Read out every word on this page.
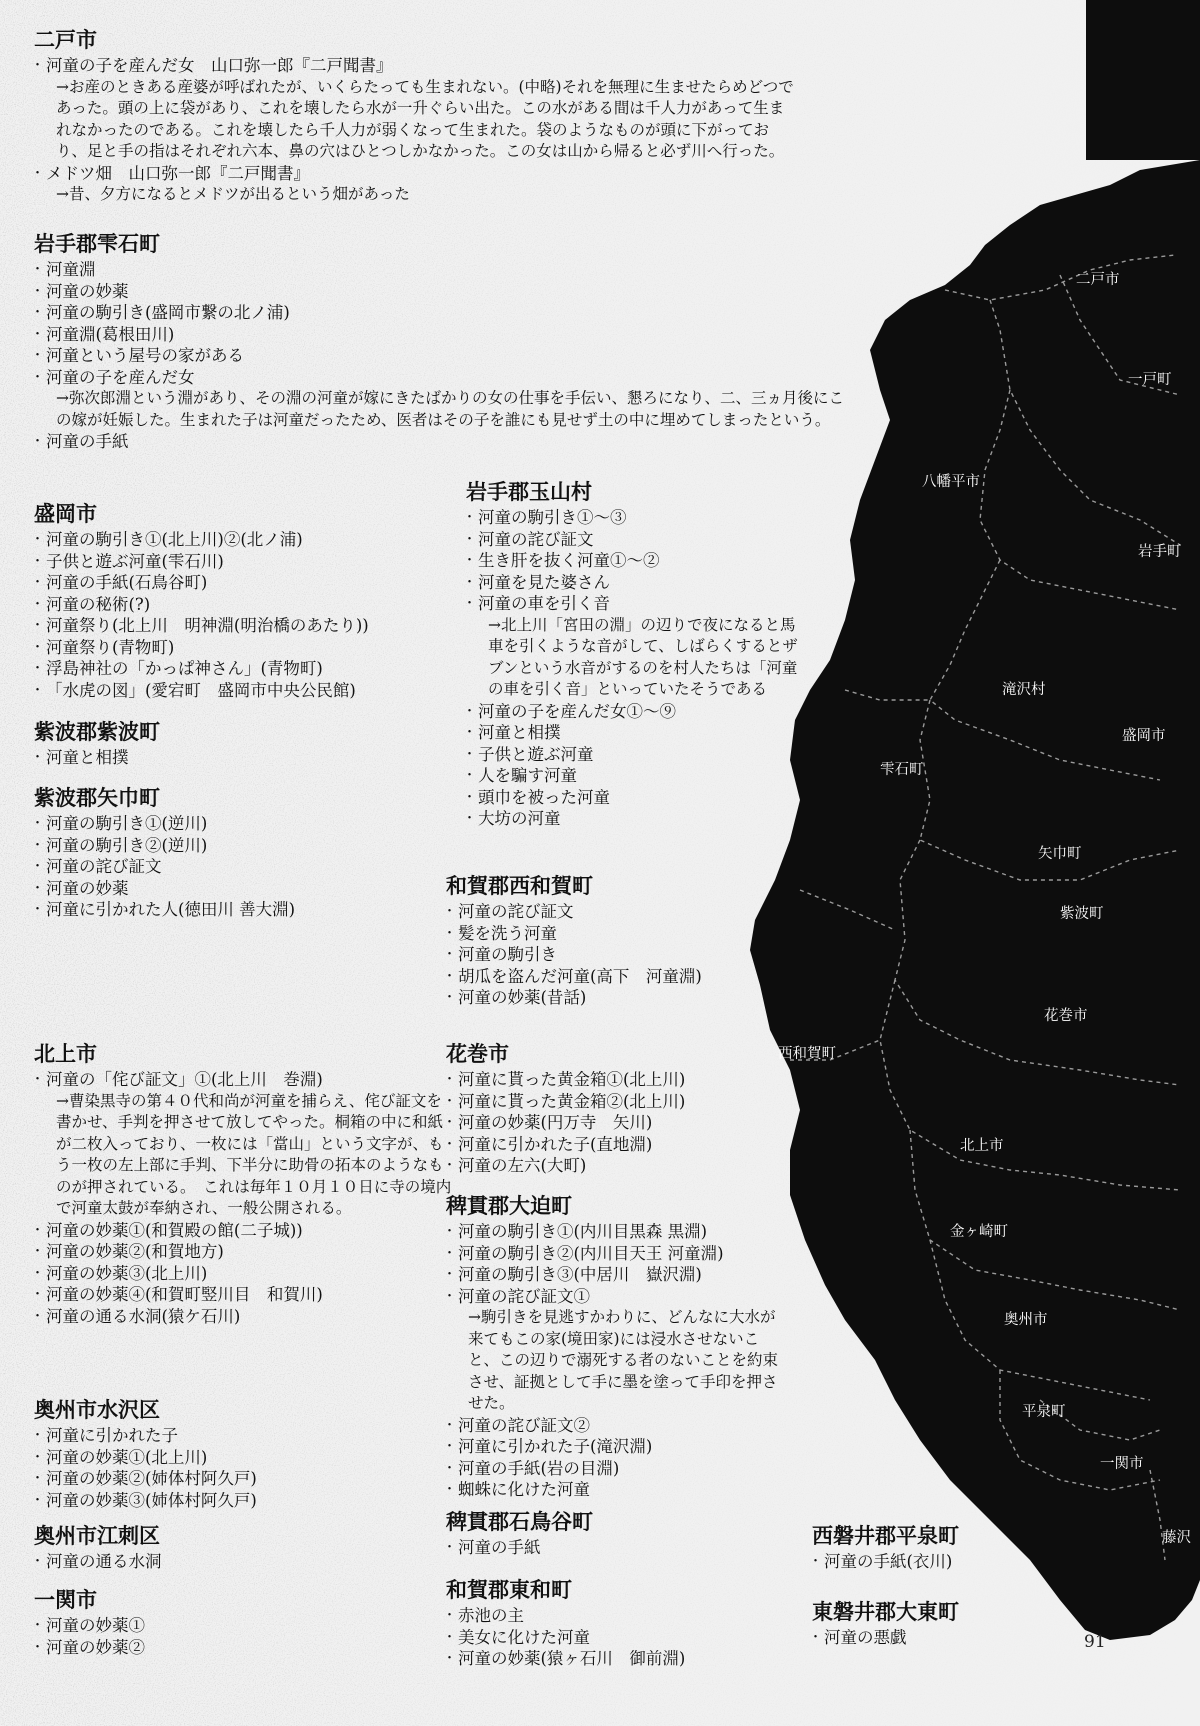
二戸市
一戸町
八幡平市
岩手町
滝沢村
盛岡市
雫石町
矢巾町
紫波町
花巻市
西和賀町
北上市
金ヶ崎町
奥州市
平泉町
一関市
藤沢
二戸市
・ 河童の子を産んだ女　山口弥一郎『二戸聞書』
→お産のときある産婆が呼ばれたが、いくらたっても生まれない。(中略)それを無理に生ませたらめどつであった。頭の上に袋があり、これを壊したら水が一升ぐらい出た。この水がある間は千人力があって生まれなかったのである。これを壊したら千人力が弱くなって生まれた。袋のようなものが頭に下がっており、足と手の指はそれぞれ六本、鼻の穴はひとつしかなかった。この女は山から帰ると必ず川へ行った。
・ メドツ畑　山口弥一郎『二戸聞書』
→昔、夕方になるとメドツが出るという畑があった
岩手郡雫石町
・ 河童淵
・ 河童の妙薬
・ 河童の駒引き(盛岡市繋の北ノ浦)
・ 河童淵(葛根田川)
・ 河童という屋号の家がある
・ 河童の子を産んだ女
→弥次郎淵という淵があり、その淵の河童が嫁にきたばかりの女の仕事を手伝い、懇ろになり、二、三ヵ月後にこの嫁が妊娠した。生まれた子は河童だったため、医者はその子を誰にも見せず土の中に埋めてしまったという。
・ 河童の手紙
盛岡市
・ 河童の駒引き①(北上川)②(北ノ浦)
・ 子供と遊ぶ河童(雫石川)
・ 河童の手紙(石鳥谷町)
・ 河童の秘術(?)
・ 河童祭り(北上川　明神淵(明治橋のあたり))
・ 河童祭り(青物町)
・ 浮島神社の「かっぱ神さん」(青物町)
・ 「水虎の図」(愛宕町　盛岡市中央公民館)
紫波郡紫波町
・ 河童と相撲
紫波郡矢巾町
・ 河童の駒引き①(逆川)
・ 河童の駒引き②(逆川)
・ 河童の詫び証文
・ 河童の妙薬
・ 河童に引かれた人(徳田川 善大淵)
北上市
・ 河童の「侘び証文」①(北上川　巻淵)
→曹染黒寺の第４０代和尚が河童を捕らえ、侘び証文を書かせ、手判を押させて放してやった。桐箱の中に和紙が二枚入っており、一枚には「當山」という文字が、もう一枚の左上部に手判、下半分に助骨の拓本のようなものが押されている。　これは毎年１０月１０日に寺の境内で河童太鼓が奉納され、一般公開される。
・ 河童の妙薬①(和賀殿の館(二子城))
・ 河童の妙薬②(和賀地方)
・ 河童の妙薬③(北上川)
・ 河童の妙薬④(和賀町竪川目　和賀川)
・ 河童の通る水洞(猿ケ石川)
奥州市水沢区
・ 河童に引かれた子
・ 河童の妙薬①(北上川)
・ 河童の妙薬②(姉体村阿久戸)
・ 河童の妙薬③(姉体村阿久戸)
奥州市江刺区
・ 河童の通る水洞
一関市
・ 河童の妙薬①
・ 河童の妙薬②
岩手郡玉山村
・ 河童の駒引き①～③
・ 河童の詫び証文
・ 生き肝を抜く河童①～②
・ 河童を見た婆さん
・ 河童の車を引く音
→北上川「宮田の淵」の辺りで夜になると馬車を引くような音がして、しばらくするとザブンという水音がするのを村人たちは「河童の車を引く音」といっていたそうである
・ 河童の子を産んだ女①～⑨
・ 河童と相撲
・ 子供と遊ぶ河童
・ 人を騙す河童
・ 頭巾を被った河童
・ 大坊の河童
和賀郡西和賀町
・ 河童の詫び証文
・ 髪を洗う河童
・ 河童の駒引き
・ 胡瓜を盗んだ河童(高下　河童淵)
・ 河童の妙薬(昔話)
花巻市
・ 河童に貰った黄金箱①(北上川)
・ 河童に貰った黄金箱②(北上川)
・ 河童の妙薬(円万寺　矢川)
・ 河童に引かれた子(直地淵)
・ 河童の左六(大町)
稗貫郡大迫町
・ 河童の駒引き①(内川目黒森 黒淵)
・ 河童の駒引き②(内川目天王 河童淵)
・ 河童の駒引き③(中居川　嶽沢淵)
・ 河童の詫び証文①
→駒引きを見逃すかわりに、どんなに大水が来てもこの家(境田家)には浸水させないこと、この辺りで溺死する者のないことを約束させ、証拠として手に墨を塗って手印を押させた。
・ 河童の詫び証文②
・ 河童に引かれた子(滝沢淵)
・ 河童の手紙(岩の目淵)
・ 蜘蛛に化けた河童
稗貫郡石鳥谷町
・ 河童の手紙
和賀郡東和町
・ 赤池の主
・ 美女に化けた河童
・ 河童の妙薬(猿ヶ石川　御前淵)
西磐井郡平泉町
・ 河童の手紙(衣川)
東磐井郡大東町
・ 河童の悪戯	91
